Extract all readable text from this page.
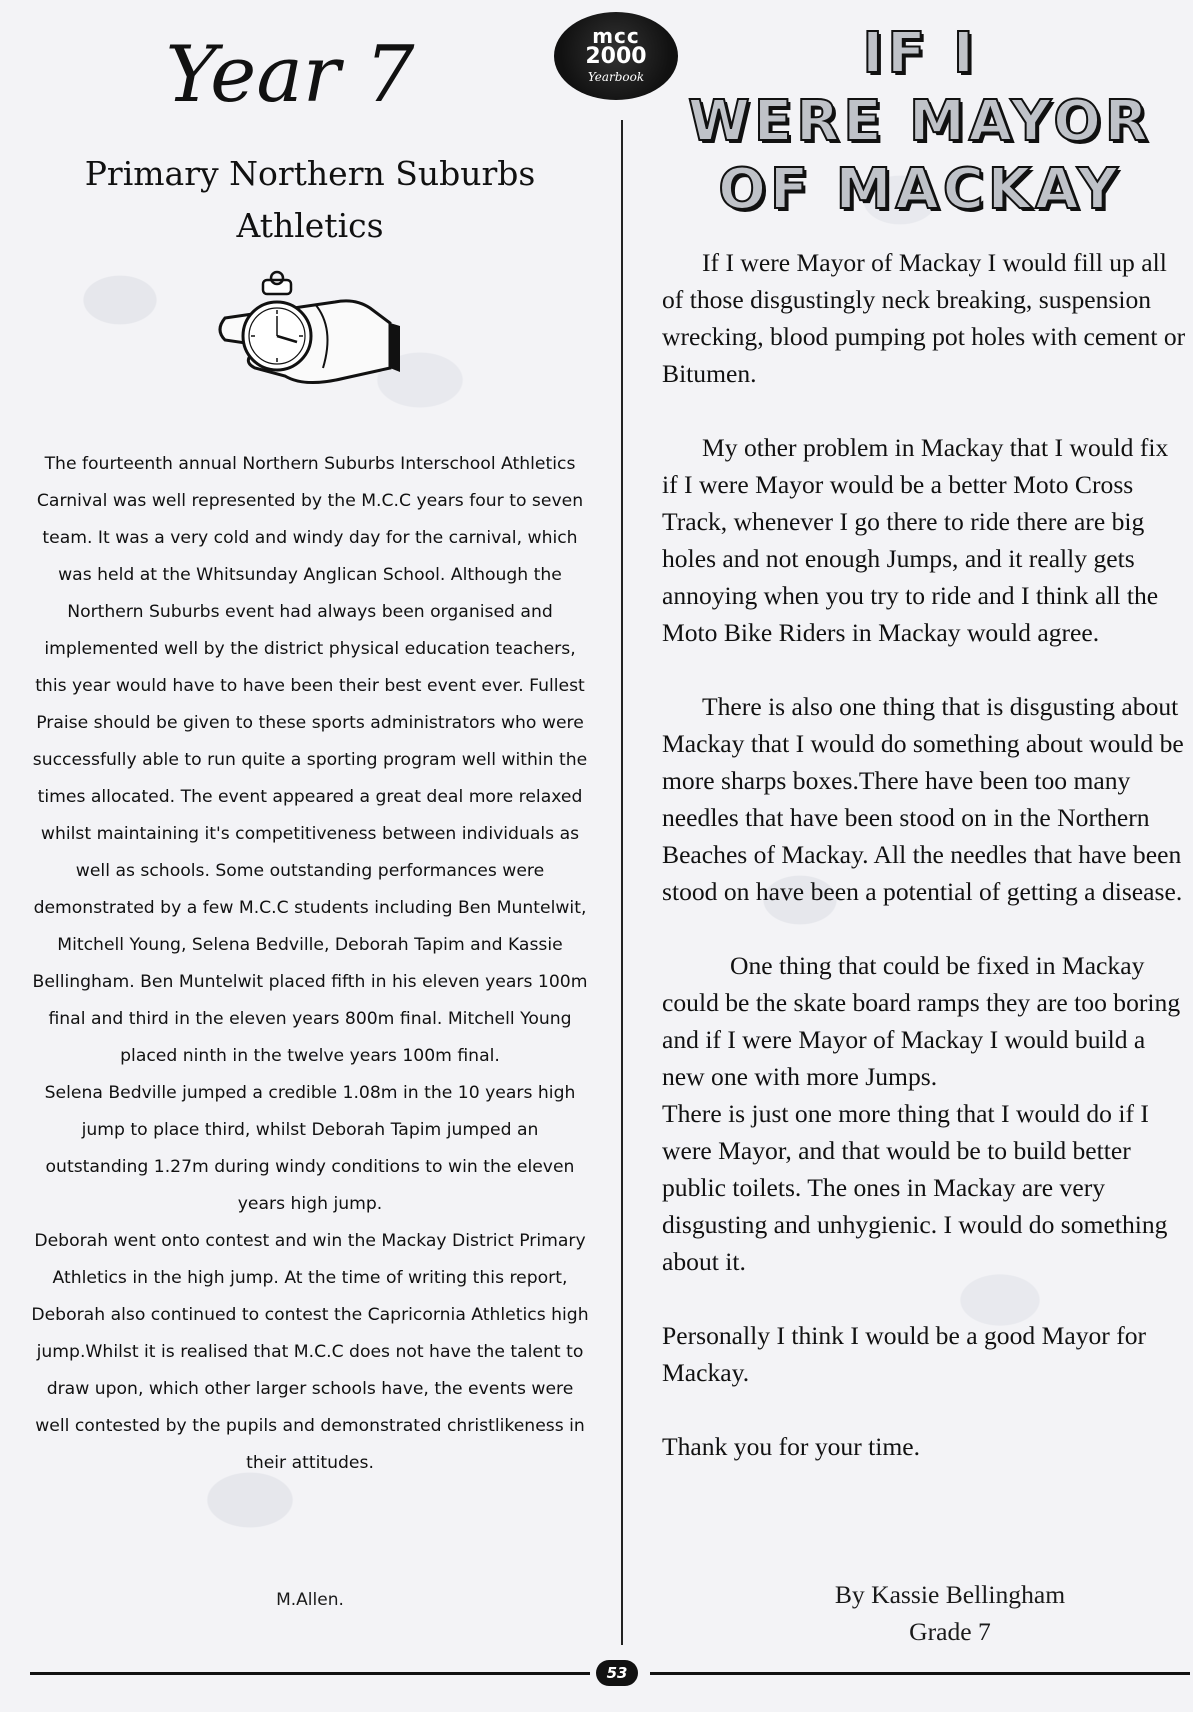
mcc
2000
Yearbook
Year 7
Primary Northern Suburbs
Athletics

The fourteenth annual Northern Suburbs Interschool Athletics Carnival was well represented by the M.C.C years four to seven team. It was a very cold and windy day for the carnival, which was held at the Whitsunday Anglican School. Although the Northern Suburbs event had always been organised and implemented well by the district physical education teachers, this year would have to have been their best event ever. Fullest Praise should be given to these sports administrators who were successfully able to run quite a sporting program well within the times allocated. The event appeared a great deal more relaxed whilst maintaining it's competitiveness between individuals as well as schools. Some outstanding performances were demonstrated by a few M.C.C students including Ben Muntelwit, Mitchell Young, Selena Bedville, Deborah Tapim and Kassie Bellingham. Ben Muntelwit placed fifth in his eleven years 100m final and third in the eleven years 800m final. Mitchell Young placed ninth in the twelve years 100m final.

Selena Bedville jumped a credible 1.08m in the 10 years high jump to place third, whilst Deborah Tapim jumped an outstanding 1.27m during windy conditions to win the eleven years high jump.

Deborah went onto contest and win the Mackay District Primary Athletics in the high jump. At the time of writing this report, Deborah also continued to contest the Capricornia Athletics high jump.Whilst it is realised that M.C.C does not have the talent to draw upon, which other larger schools have, the events were well contested by the pupils and demonstrated christlikeness in their attitudes.

M.Allen.
IF I
WERE MAYOR
OF MACKAY

If I were Mayor of Mackay I would fill up all of those disgustingly neck breaking, suspension wrecking, blood pumping pot holes with cement or Bitumen.

My other problem in Mackay that I would fix if I were Mayor would be a better Moto Cross Track, whenever I go there to ride there are big holes and not enough Jumps, and it really gets annoying when you try to ride and I think all the Moto Bike Riders in Mackay would agree.

There is also one thing that is disgusting about Mackay that I would do something about would be more sharps boxes.There have been too many needles that have been stood on in the Northern Beaches of Mackay. All the needles that have been stood on have been a potential of getting a disease.

One thing that could be fixed in Mackay could be the skate board ramps they are too boring and if I were Mayor of Mackay I would build a new one with more Jumps.

There is just one more thing that I would do if I were Mayor, and that would be to build better public toilets. The ones in Mackay are very disgusting and unhygienic. I would do something about it.

Personally I think I would be a good Mayor for Mackay.

Thank you for your time.

By Kassie Bellingham
Grade 7
53
